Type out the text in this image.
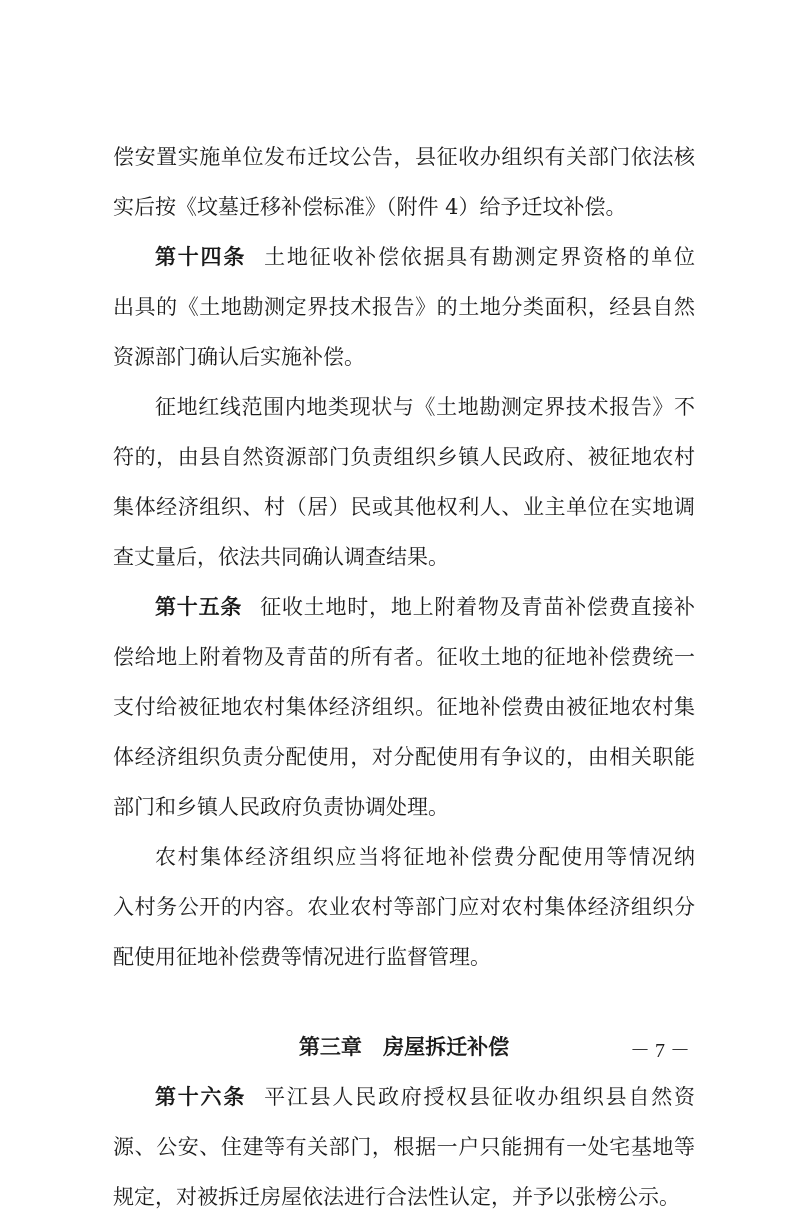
偿安置实施单位发布迁坟公告，县征收办组织有关部门依法核
实后按《坟墓迁移补偿标准》（附件 4）给予迁坟补偿。
第十四条 土地征收补偿依据具有勘测定界资格的单位
出具的《土地勘测定界技术报告》的土地分类面积，经县自然
资源部门确认后实施补偿。
征地红线范围内地类现状与《土地勘测定界技术报告》不
符的，由县自然资源部门负责组织乡镇人民政府、被征地农村
集体经济组织、村（居）民或其他权利人、业主单位在实地调
查丈量后，依法共同确认调查结果。
第十五条 征收土地时，地上附着物及青苗补偿费直接补
偿给地上附着物及青苗的所有者。征收土地的征地补偿费统一
支付给被征地农村集体经济组织。征地补偿费由被征地农村集
体经济组织负责分配使用，对分配使用有争议的，由相关职能
部门和乡镇人民政府负责协调处理。
农村集体经济组织应当将征地补偿费分配使用等情况纳
入村务公开的内容。农业农村等部门应对农村集体经济组织分
配使用征地补偿费等情况进行监督管理。
第三章 房屋拆迁补偿
第十六条 平江县人民政府授权县征收办组织县自然资
源、公安、住建等有关部门，根据一户只能拥有一处宅基地等
规定，对被拆迁房屋依法进行合法性认定，并予以张榜公示。
－ 7 －
